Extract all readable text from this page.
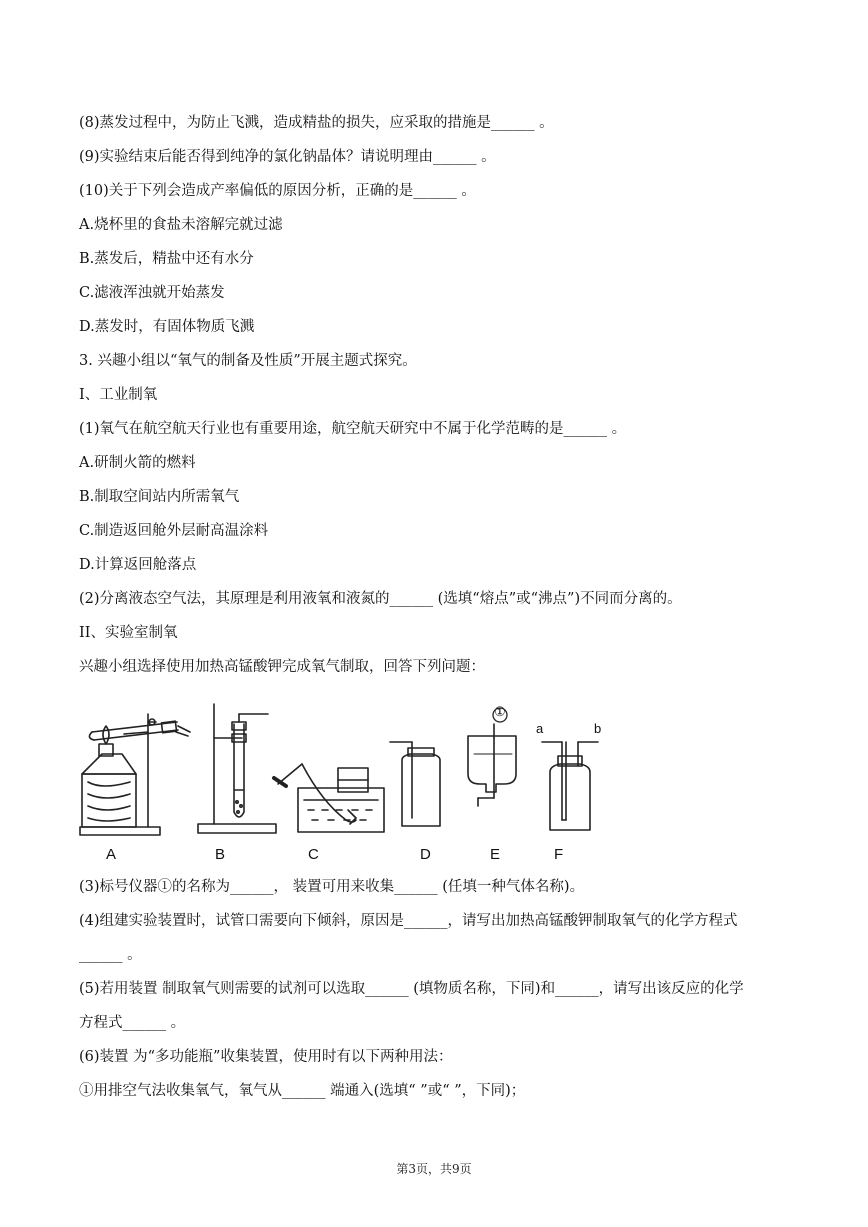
(8)蒸发过程中，为防止飞溅，造成精盐的损失，应采取的措施是______ 。
(9)实验结束后能否得到纯净的氯化钠晶体？请说明理由______ 。
(10)关于下列会造成产率偏低的原因分析，正确的是______ 。
A.烧杯里的食盐未溶解完就过滤
B.蒸发后，精盐中还有水分
C.滤液浑浊就开始蒸发
D.蒸发时，有固体物质飞溅
3. 兴趣小组以“氧气的制备及性质”开展主题式探究。
I、工业制氧
(1)氧气在航空航天行业也有重要用途，航空航天研究中不属于化学范畴的是______ 。
A.研制火箭的燃料
B.制取空间站内所需氧气
C.制造返回舱外层耐高温涂料
D.计算返回舱落点
(2)分离液态空气法，其原理是利用液氧和液氮的______ (选填“熔点”或“沸点”)不同而分离的。
II、实验室制氧
兴趣小组选择使用加热高锰酸钾完成氧气制取，回答下列问题：
①
a	b
A	B	C	D	E	F
(3)标号仪器①的名称为______， 装置可用来收集______ (任填一种气体名称)。
(4)组建实验装置时，试管口需要向下倾斜，原因是______，请写出加热高锰酸钾制取氧气的化学方程式
______ 。
(5)若用装置 制取氧气则需要的试剂可以选取______ (填物质名称，下同)和______，请写出该反应的化学
方程式______ 。
(6)装置 为“多功能瓶”收集装置，使用时有以下两种用法：
①用排空气法收集氧气，氧气从______ 端通入(选填“ ”或“ ”，下同)；
第3页，共9页
